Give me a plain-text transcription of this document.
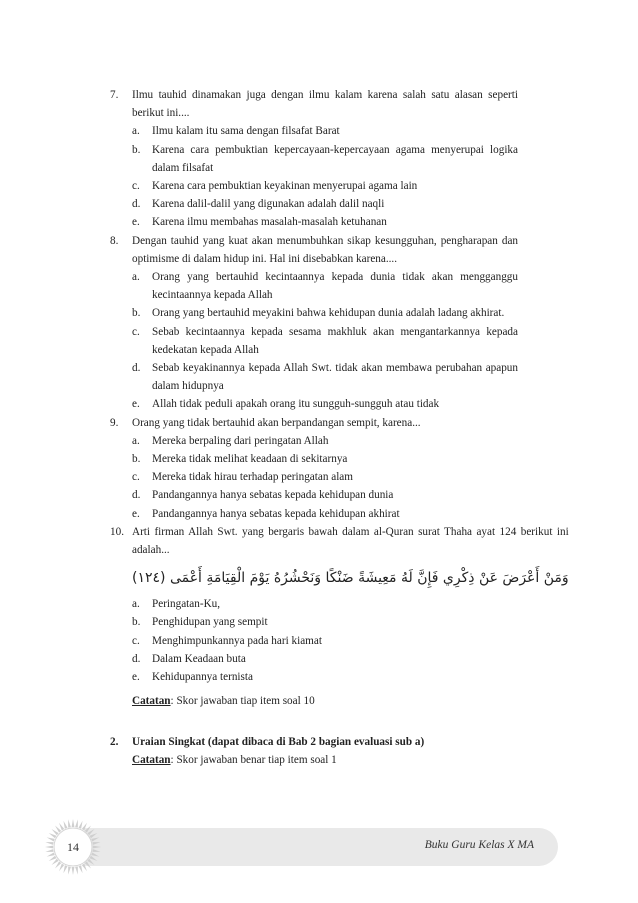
7.	Ilmu tauhid dinamakan juga dengan ilmu kalam karena salah satu alasan seperti berikut ini....
a.	Ilmu kalam itu sama dengan filsafat Barat
b.	Karena cara pembuktian kepercayaan-kepercayaan agama menyerupai logika dalam filsafat
c.	Karena cara pembuktian keyakinan menyerupai agama lain
d.	Karena dalil-dalil yang digunakan adalah dalil naqli
e.	Karena ilmu membahas masalah-masalah ketuhanan
8.	Dengan tauhid yang kuat akan menumbuhkan sikap kesungguhan, pengharapan dan optimisme di dalam hidup ini. Hal ini disebabkan karena....
a.	Orang yang bertauhid kecintaannya kepada dunia tidak akan mengganggu kecintaannya kepada Allah
b.	Orang yang bertauhid meyakini bahwa kehidupan dunia adalah ladang akhirat.
c.	Sebab kecintaannya kepada sesama makhluk akan mengantarkannya kepada kedekatan kepada Allah
d.	Sebab keyakinannya kepada Allah Swt. tidak akan membawa perubahan apapun dalam hidupnya
e.	Allah tidak peduli apakah orang itu sungguh-sungguh atau tidak
9.	Orang yang tidak bertauhid akan berpandangan sempit, karena...
a.	Mereka berpaling dari peringatan Allah
b.	Mereka tidak melihat keadaan di sekitarnya
c.	Mereka tidak hirau terhadap peringatan alam
d.	Pandangannya hanya sebatas kepada kehidupan dunia
e.	Pandangannya hanya sebatas kepada kehidupan akhirat
10. Arti firman Allah Swt. yang bergaris bawah dalam al-Quran surat Thaha ayat 124 berikut ini adalah...
وَمَنْ أَعْرَضَ عَنْ ذِكْرِي فَإِنَّ لَهُ مَعِيشَةً ضَنْكًا وَنَحْشُرُهُ يَوْمَ الْقِيَامَةِ أَعْمَى (١٢٤)
a.	Peringatan-Ku,
b.	Penghidupan yang sempit
c.	Menghimpunkannya pada hari kiamat
d.	Dalam Keadaan buta
e.	Kehidupannya ternista
Catatan: Skor jawaban tiap item soal 10
2.	Uraian Singkat (dapat dibaca di Bab 2 bagian evaluasi sub a)
Catatan: Skor jawaban benar tiap item soal 1
Buku Guru Kelas X MA
14
